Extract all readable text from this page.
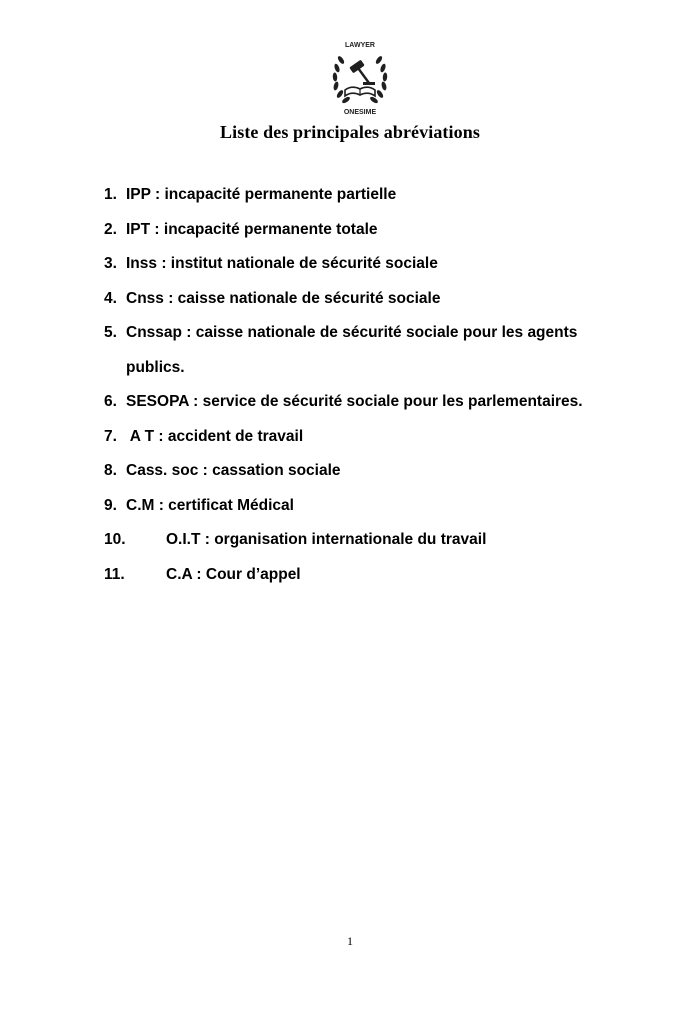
LAWYER
ONESIME
Liste des principales abréviations
1. IPP : incapacité permanente partielle
2. IPT : incapacité permanente totale
3. Inss : institut nationale de sécurité sociale
4. Cnss : caisse nationale de sécurité sociale
5. Cnssap : caisse nationale de sécurité sociale pour les agents publics.
6. SESOPA : service de sécurité sociale pour les parlementaires.
7. A T : accident de travail
8. Cass. soc : cassation sociale
9. C.M : certificat Médical
10.	O.I.T : organisation internationale du travail
11.	C.A : Cour d’appel
1
